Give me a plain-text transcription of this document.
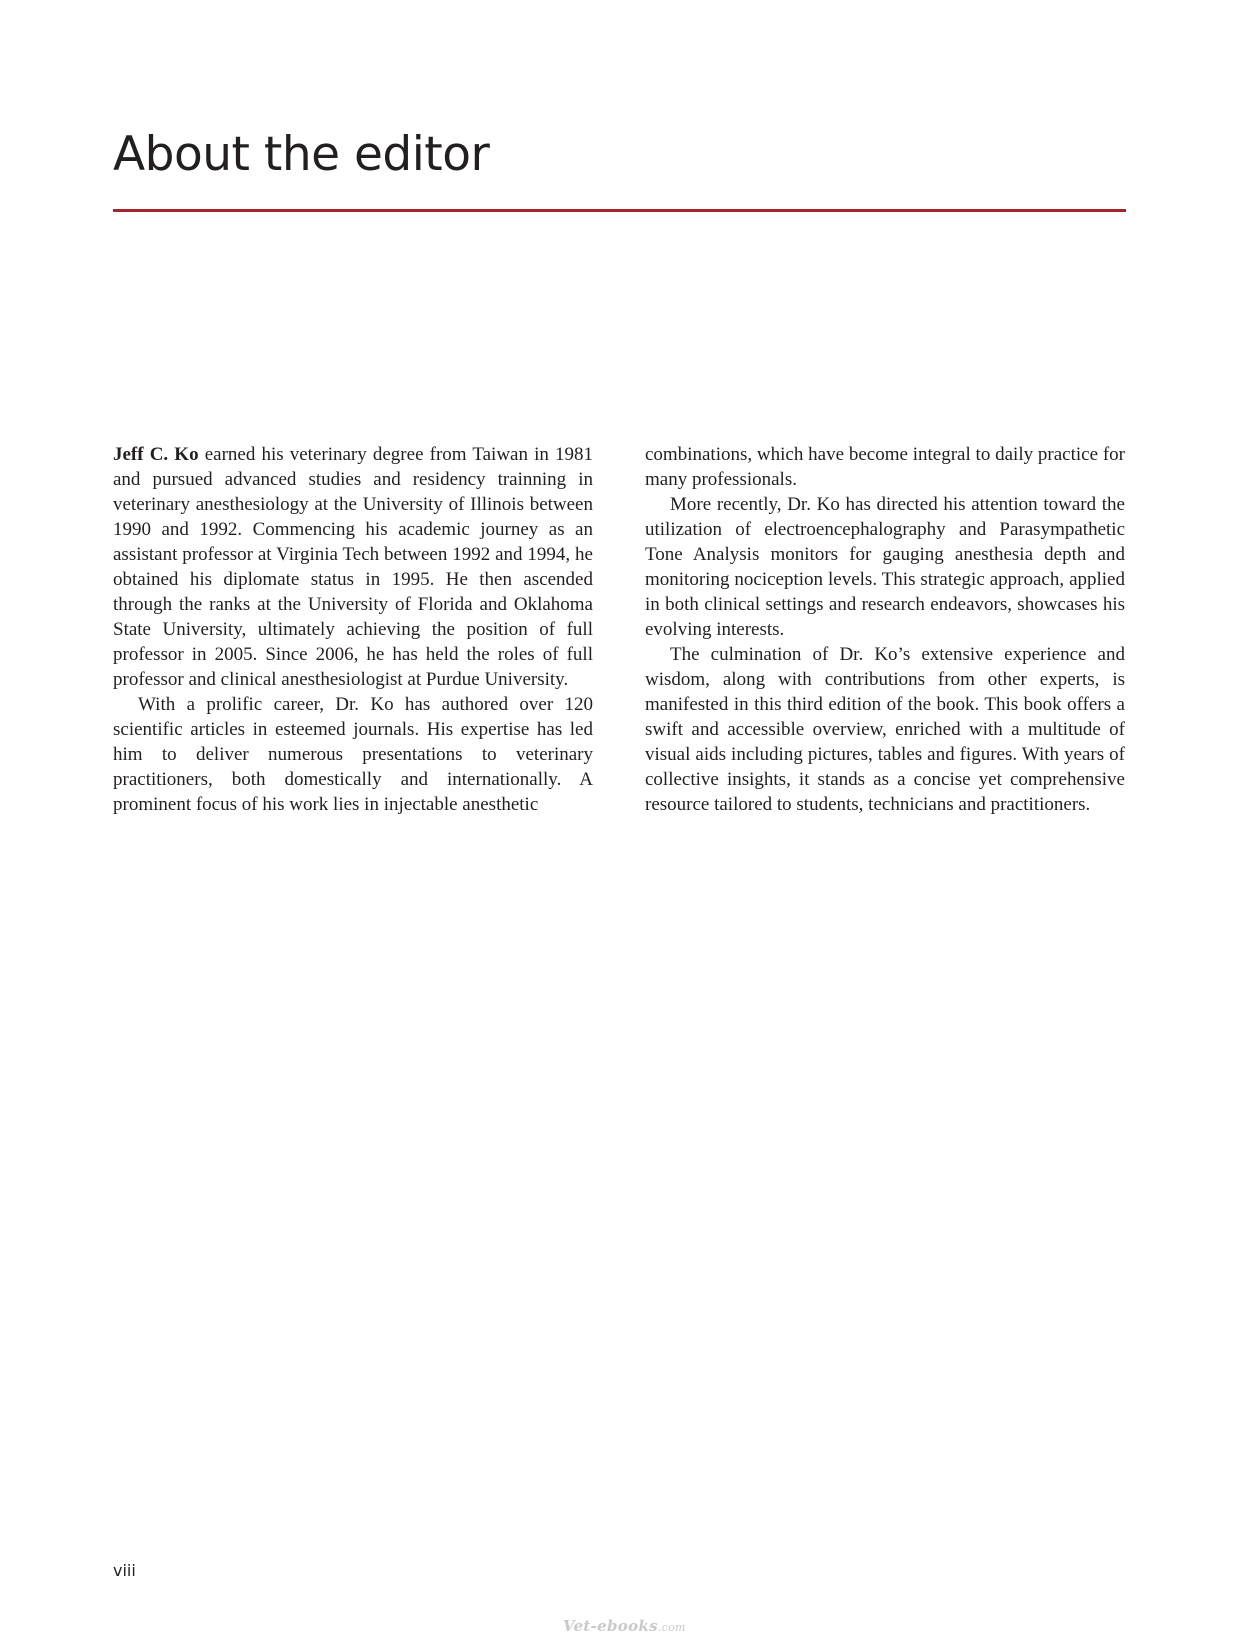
About the editor

Jeff C. Ko earned his veterinary degree from Taiwan in 1981 and pursued advanced studies and residency trainning in veterinary anesthesiology at the University of Illinois between 1990 and 1992. Commencing his academic journey as an assistant professor at Virginia Tech between 1992 and 1994, he obtained his diplomate status in 1995. He then ascended through the ranks at the University of Florida and Oklahoma State University, ultimately achieving the position of full professor in 2005. Since 2006, he has held the roles of full professor and clinical anesthesiologist at Purdue University.

With a prolific career, Dr. Ko has authored over 120 scientific articles in esteemed journals. His expertise has led him to deliver numerous presentations to veterinary practitioners, both domestically and internationally. A prominent focus of his work lies in injectable anesthetic

combinations, which have become integral to daily practice for many professionals.

More recently, Dr. Ko has directed his attention toward the utilization of electroencephalography and Parasympathetic Tone Analysis monitors for gauging anesthesia depth and monitoring nociception levels. This strategic approach, applied in both clinical settings and research endeavors, showcases his evolving interests.

The culmination of Dr. Ko’s extensive experience and wisdom, along with contributions from other experts, is manifested in this third edition of the book. This book offers a swift and accessible overview, enriched with a multitude of visual aids including pictures, tables and figures. With years of collective insights, it stands as a concise yet comprehensive resource tailored to students, technicians and practitioners.

viii
Vet-ebooks.com
